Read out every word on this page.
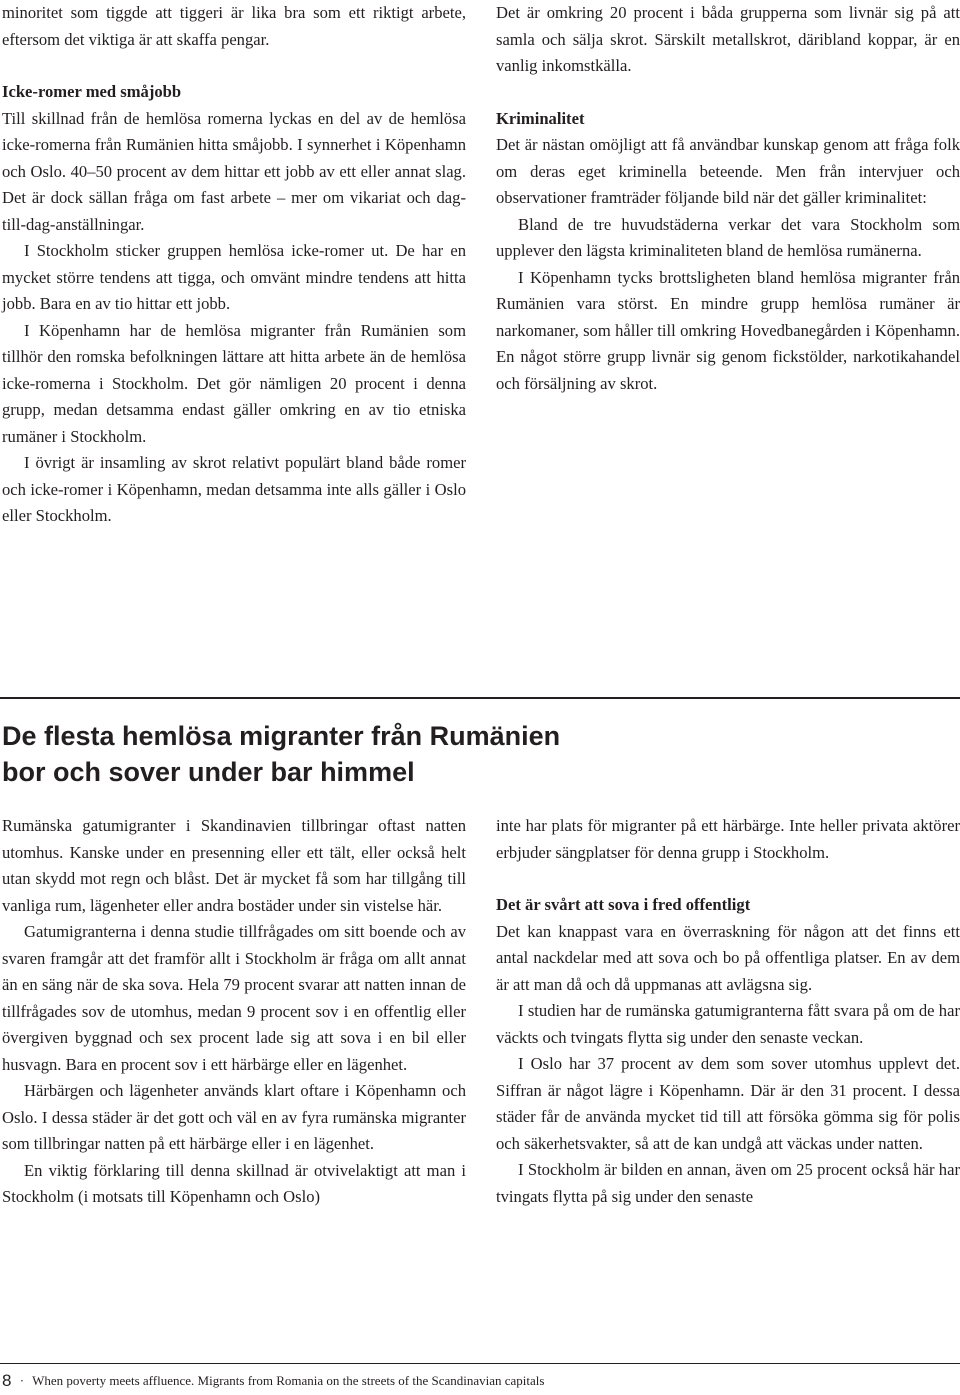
minoritet som tiggde att tiggeri är lika bra som ett riktigt arbete, eftersom det viktiga är att skaffa pengar.

Icke-romer med småjobb

Till skillnad från de hemlösa romerna lyckas en del av de hemlösa icke-romerna från Rumänien hitta småjobb. I synnerhet i Köpenhamn och Oslo. 40–50 procent av dem hittar ett jobb av ett eller annat slag. Det är dock sällan fråga om fast arbete – mer om vikariat och dag-till-dag-anställningar.

I Stockholm sticker gruppen hemlösa icke-romer ut. De har en mycket större tendens att tigga, och omvänt mindre tendens att hitta jobb. Bara en av tio hittar ett jobb.

I Köpenhamn har de hemlösa migranter från Rumänien som tillhör den romska befolkningen lättare att hitta arbete än de hemlösa icke-romerna i Stockholm. Det gör nämligen 20 procent i denna grupp, medan detsamma endast gäller omkring en av tio etniska rumäner i Stockholm.

I övrigt är insamling av skrot relativt populärt bland både romer och icke-romer i Köpenhamn, medan detsamma inte alls gäller i Oslo eller Stockholm.

Det är omkring 20 procent i båda grupperna som livnär sig på att samla och sälja skrot. Särskilt metallskrot, däribland koppar, är en vanlig inkomstkälla.

Kriminalitet

Det är nästan omöjligt att få användbar kunskap genom att fråga folk om deras eget kriminella beteende. Men från intervjuer och observationer framträder följande bild när det gäller kriminalitet:

Bland de tre huvudstäderna verkar det vara Stockholm som upplever den lägsta kriminaliteten bland de hemlösa rumänerna.

I Köpenhamn tycks brottsligheten bland hemlösa migranter från Rumänien vara störst. En mindre grupp hemlösa rumäner är narkomaner, som håller till omkring Hovedbanegården i Köpenhamn. En något större grupp livnär sig genom fickstölder, narkotikahandel och försäljning av skrot.

De flesta hemlösa migranter från Rumänien
bor och sover under bar himmel

Rumänska gatumigranter i Skandinavien tillbringar oftast natten utomhus. Kanske under en presenning eller ett tält, eller också helt utan skydd mot regn och blåst. Det är mycket få som har tillgång till vanliga rum, lägenheter eller andra bostäder under sin vistelse här.

Gatumigranterna i denna studie tillfrågades om sitt boende och av svaren framgår att det framför allt i Stockholm är fråga om allt annat än en säng när de ska sova. Hela 79 procent svarar att natten innan de tillfrågades sov de utomhus, medan 9 procent sov i en offentlig eller övergiven byggnad och sex procent lade sig att sova i en bil eller husvagn. Bara en procent sov i ett härbärge eller en lägenhet.

Härbärgen och lägenheter används klart oftare i Köpenhamn och Oslo. I dessa städer är det gott och väl en av fyra rumänska migranter som tillbringar natten på ett härbärge eller i en lägenhet.

En viktig förklaring till denna skillnad är otvivelaktigt att man i Stockholm (i motsats till Köpenhamn och Oslo)

inte har plats för migranter på ett härbärge. Inte heller privata aktörer erbjuder sängplatser för denna grupp i Stockholm.

Det är svårt att sova i fred offentligt

Det kan knappast vara en överraskning för någon att det finns ett antal nackdelar med att sova och bo på offentliga platser. En av dem är att man då och då uppmanas att avlägsna sig.

I studien har de rumänska gatumigranterna fått svara på om de har väckts och tvingats flytta sig under den senaste veckan.

I Oslo har 37 procent av dem som sover utomhus upplevt det. Siffran är något lägre i Köpenhamn. Där är den 31 procent. I dessa städer får de använda mycket tid till att försöka gömma sig för polis och säkerhetsvakter, så att de kan undgå att väckas under natten.

I Stockholm är bilden en annan, även om 25 procent också här har tvingats flytta på sig under den senaste

8 · When poverty meets affluence. Migrants from Romania on the streets of the Scandinavian capitals
